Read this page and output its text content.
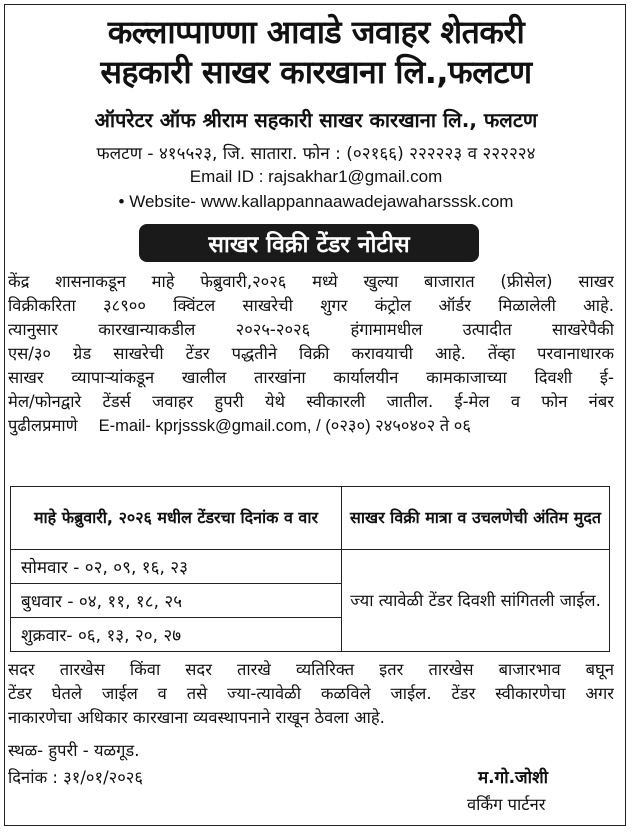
कल्लाप्पाण्णा आवाडे जवाहर शेतकरी
सहकारी साखर कारखाना लि.,फलटण
ऑपरेटर ऑफ श्रीराम सहकारी साखर कारखाना लि., फलटण
फलटण - ४१५५२३, जि. सातारा. फोन : (०२१६६) २२२२२३ व २२२२२४
Email ID : rajsakhar1@gmail.com
• Website- www.kallappannaawadejawaharsssk.com
साखर विक्री टेंडर नोटीस
केंद्र शासनाकडून माहे फेब्रुवारी,२०२६ मध्ये खुल्या बाजारात (फ्रीसेल) साखर
विक्रीकरिता ३८९०० क्विंटल साखरेची शुगर कंट्रोल ऑर्डर मिळालेली आहे.
त्यानुसार कारखान्याकडील २०२५-२०२६ हंगामामधील उत्पादीत साखरेपैकी
एस/३० ग्रेड साखरेची टेंडर पद्धतीने विक्री करावयाची आहे. तेंव्हा परवानाधारक
साखर व्यापाऱ्यांकडून खालील तारखांना कार्यालयीन कामकाजाच्या दिवशी ई-
मेल/फोनद्वारे टेंडर्स जवाहर हुपरी येथे स्वीकारली जातील. ई-मेल व फोन नंबर
पुढीलप्रमाणे E-mail- kprjsssk@gmail.com, / (०२३०) २४५०४०२ ते ०६
माहे फेब्रुवारी, २०२६ मधील टेंडरचा दिनांक व वार	साखर विक्री मात्रा व उचलणेची अंतिम मुदत
सोमवार - ०२, ०९, १६, २३	ज्या त्यावेळी टेंडर दिवशी सांगितली जाईल.
बुधवार - ०४, ११, १८, २५	
शुक्रवार- ०६, १३, २०, २७	
सदर तारखेस किंवा सदर तारखे व्यतिरिक्त इतर तारखेस बाजारभाव बघून
टेंडर घेतले जाईल व तसे ज्या-त्यावेळी कळविले जाईल. टेंडर स्वीकारणेचा अगर
नाकारणेचा अधिकार कारखाना व्यवस्थापनाने राखून ठेवला आहे.
स्थळ- हुपरी - यळगूड.
दिनांक : ३१/०१/२०२६	म.गो.जोशी
वर्किंग पार्टनर
